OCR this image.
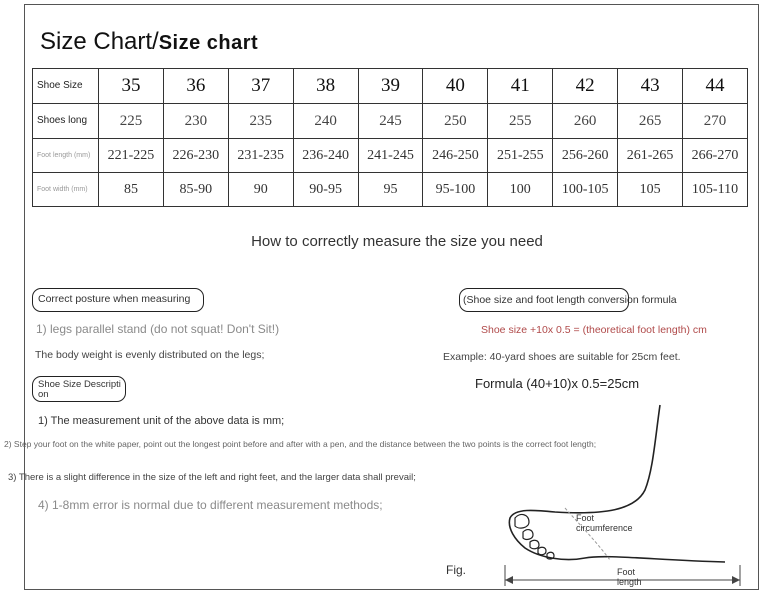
Size Chart/Size chart
Shoe Size	35	36	37	38	39	40	41	42	43	44
Shoes long	225	230	235	240	245	250	255	260	265	270
Foot length (mm)	221-225	226-230	231-235	236-240	241-245	246-250	251-255	256-260	261-265	266-270
Foot width (mm)	85	85-90	90	90-95	95	95-100	100	100-105	105	105-110
How to correctly measure the size you need
Correct posture when measuring
1) legs parallel stand (do not squat! Don't Sit!)
The body weight is evenly distributed on the legs;
Shoe Size Description
1) The measurement unit of the above data is mm;
2) Step your foot on the white paper, point out the longest point before and after with a pen, and the distance between the two points is the correct foot length;
3) There is a slight difference in the size of the left and right feet, and the larger data shall prevail;
4) 1-8mm error is normal due to different measurement methods;
(Shoe size and foot length conversion formula
Shoe size +10x 0.5 = (theoretical foot length) cm
Example: 40-yard shoes are suitable for 25cm feet.
Formula (40+10)x 0.5=25cm
Foot circumference
Foot length
Fig.
